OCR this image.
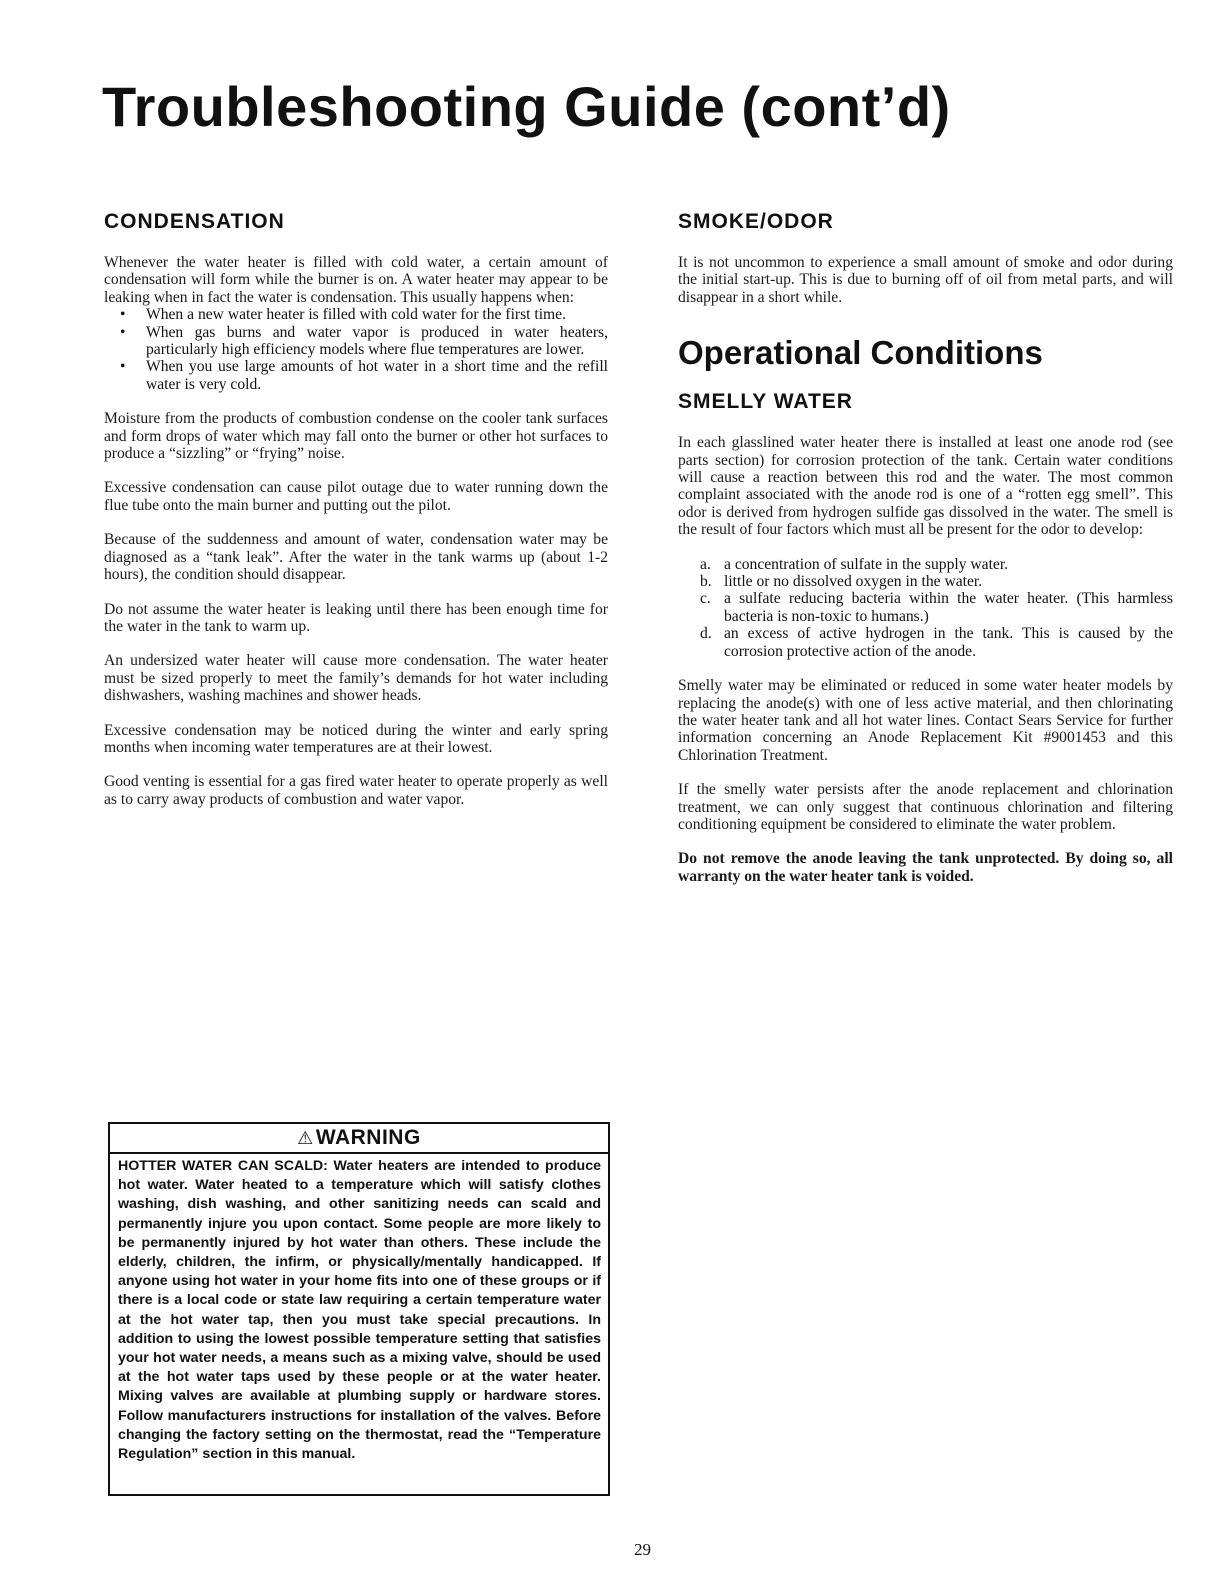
Troubleshooting Guide (cont’d)
CONDENSATION

Whenever the water heater is filled with cold water, a certain amount of condensation will form while the burner is on. A water heater may appear to be leaking when in fact the water is condensation. This usually happens when:

• When a new water heater is filled with cold water for the first time.
• When gas burns and water vapor is produced in water heaters, particularly high efficiency models where flue temperatures are lower.
• When you use large amounts of hot water in a short time and the refill water is very cold.

Moisture from the products of combustion condense on the cooler tank surfaces and form drops of water which may fall onto the burner or other hot surfaces to produce a “sizzling” or “frying” noise.

Excessive condensation can cause pilot outage due to water running down the flue tube onto the main burner and putting out the pilot.

Because of the suddenness and amount of water, condensation water may be diagnosed as a “tank leak”. After the water in the tank warms up (about 1-2 hours), the condition should disappear.

Do not assume the water heater is leaking until there has been enough time for the water in the tank to warm up.

An undersized water heater will cause more condensation. The water heater must be sized properly to meet the family’s demands for hot water including dishwashers, washing machines and shower heads.

Excessive condensation may be noticed during the winter and early spring months when incoming water temperatures are at their lowest.

Good venting is essential for a gas fired water heater to operate properly as well as to carry away products of combustion and water vapor.

⚠WARNING
HOTTER WATER CAN SCALD: Water heaters are intended to produce hot water. Water heated to a temperature which will satisfy clothes washing, dish washing, and other sanitizing needs can scald and permanently injure you upon contact. Some people are more likely to be permanently injured by hot water than others. These include the elderly, children, the infirm, or physically/mentally handicapped. If anyone using hot water in your home fits into one of these groups or if there is a local code or state law requiring a certain temperature water at the hot water tap, then you must take special precautions. In addition to using the lowest possible temperature setting that satisfies your hot water needs, a means such as a mixing valve, should be used at the hot water taps used by these people or at the water heater. Mixing valves are available at plumbing supply or hardware stores. Follow manufacturers instructions for installation of the valves. Before changing the factory setting on the thermostat, read the “Temperature Regulation” section in this manual.
SMOKE/ODOR

It is not uncommon to experience a small amount of smoke and odor during the initial start-up. This is due to burning off of oil from metal parts, and will disappear in a short while.

Operational Conditions
SMELLY WATER

In each glasslined water heater there is installed at least one anode rod (see parts section) for corrosion protection of the tank. Certain water conditions will cause a reaction between this rod and the water. The most common complaint associated with the anode rod is one of a “rotten egg smell”. This odor is derived from hydrogen sulfide gas dissolved in the water. The smell is the result of four factors which must all be present for the odor to develop:

a. a concentration of sulfate in the supply water.
b. little or no dissolved oxygen in the water.
c. a sulfate reducing bacteria within the water heater. (This harmless bacteria is non-toxic to humans.)
d. an excess of active hydrogen in the tank. This is caused by the corrosion protective action of the anode.

Smelly water may be eliminated or reduced in some water heater models by replacing the anode(s) with one of less active material, and then chlorinating the water heater tank and all hot water lines. Contact Sears Service for further information concerning an Anode Replacement Kit #9001453 and this Chlorination Treatment.

If the smelly water persists after the anode replacement and chlorination treatment, we can only suggest that continuous chlorination and filtering conditioning equipment be considered to eliminate the water problem.

Do not remove the anode leaving the tank unprotected. By doing so, all warranty on the water heater tank is voided.

29
